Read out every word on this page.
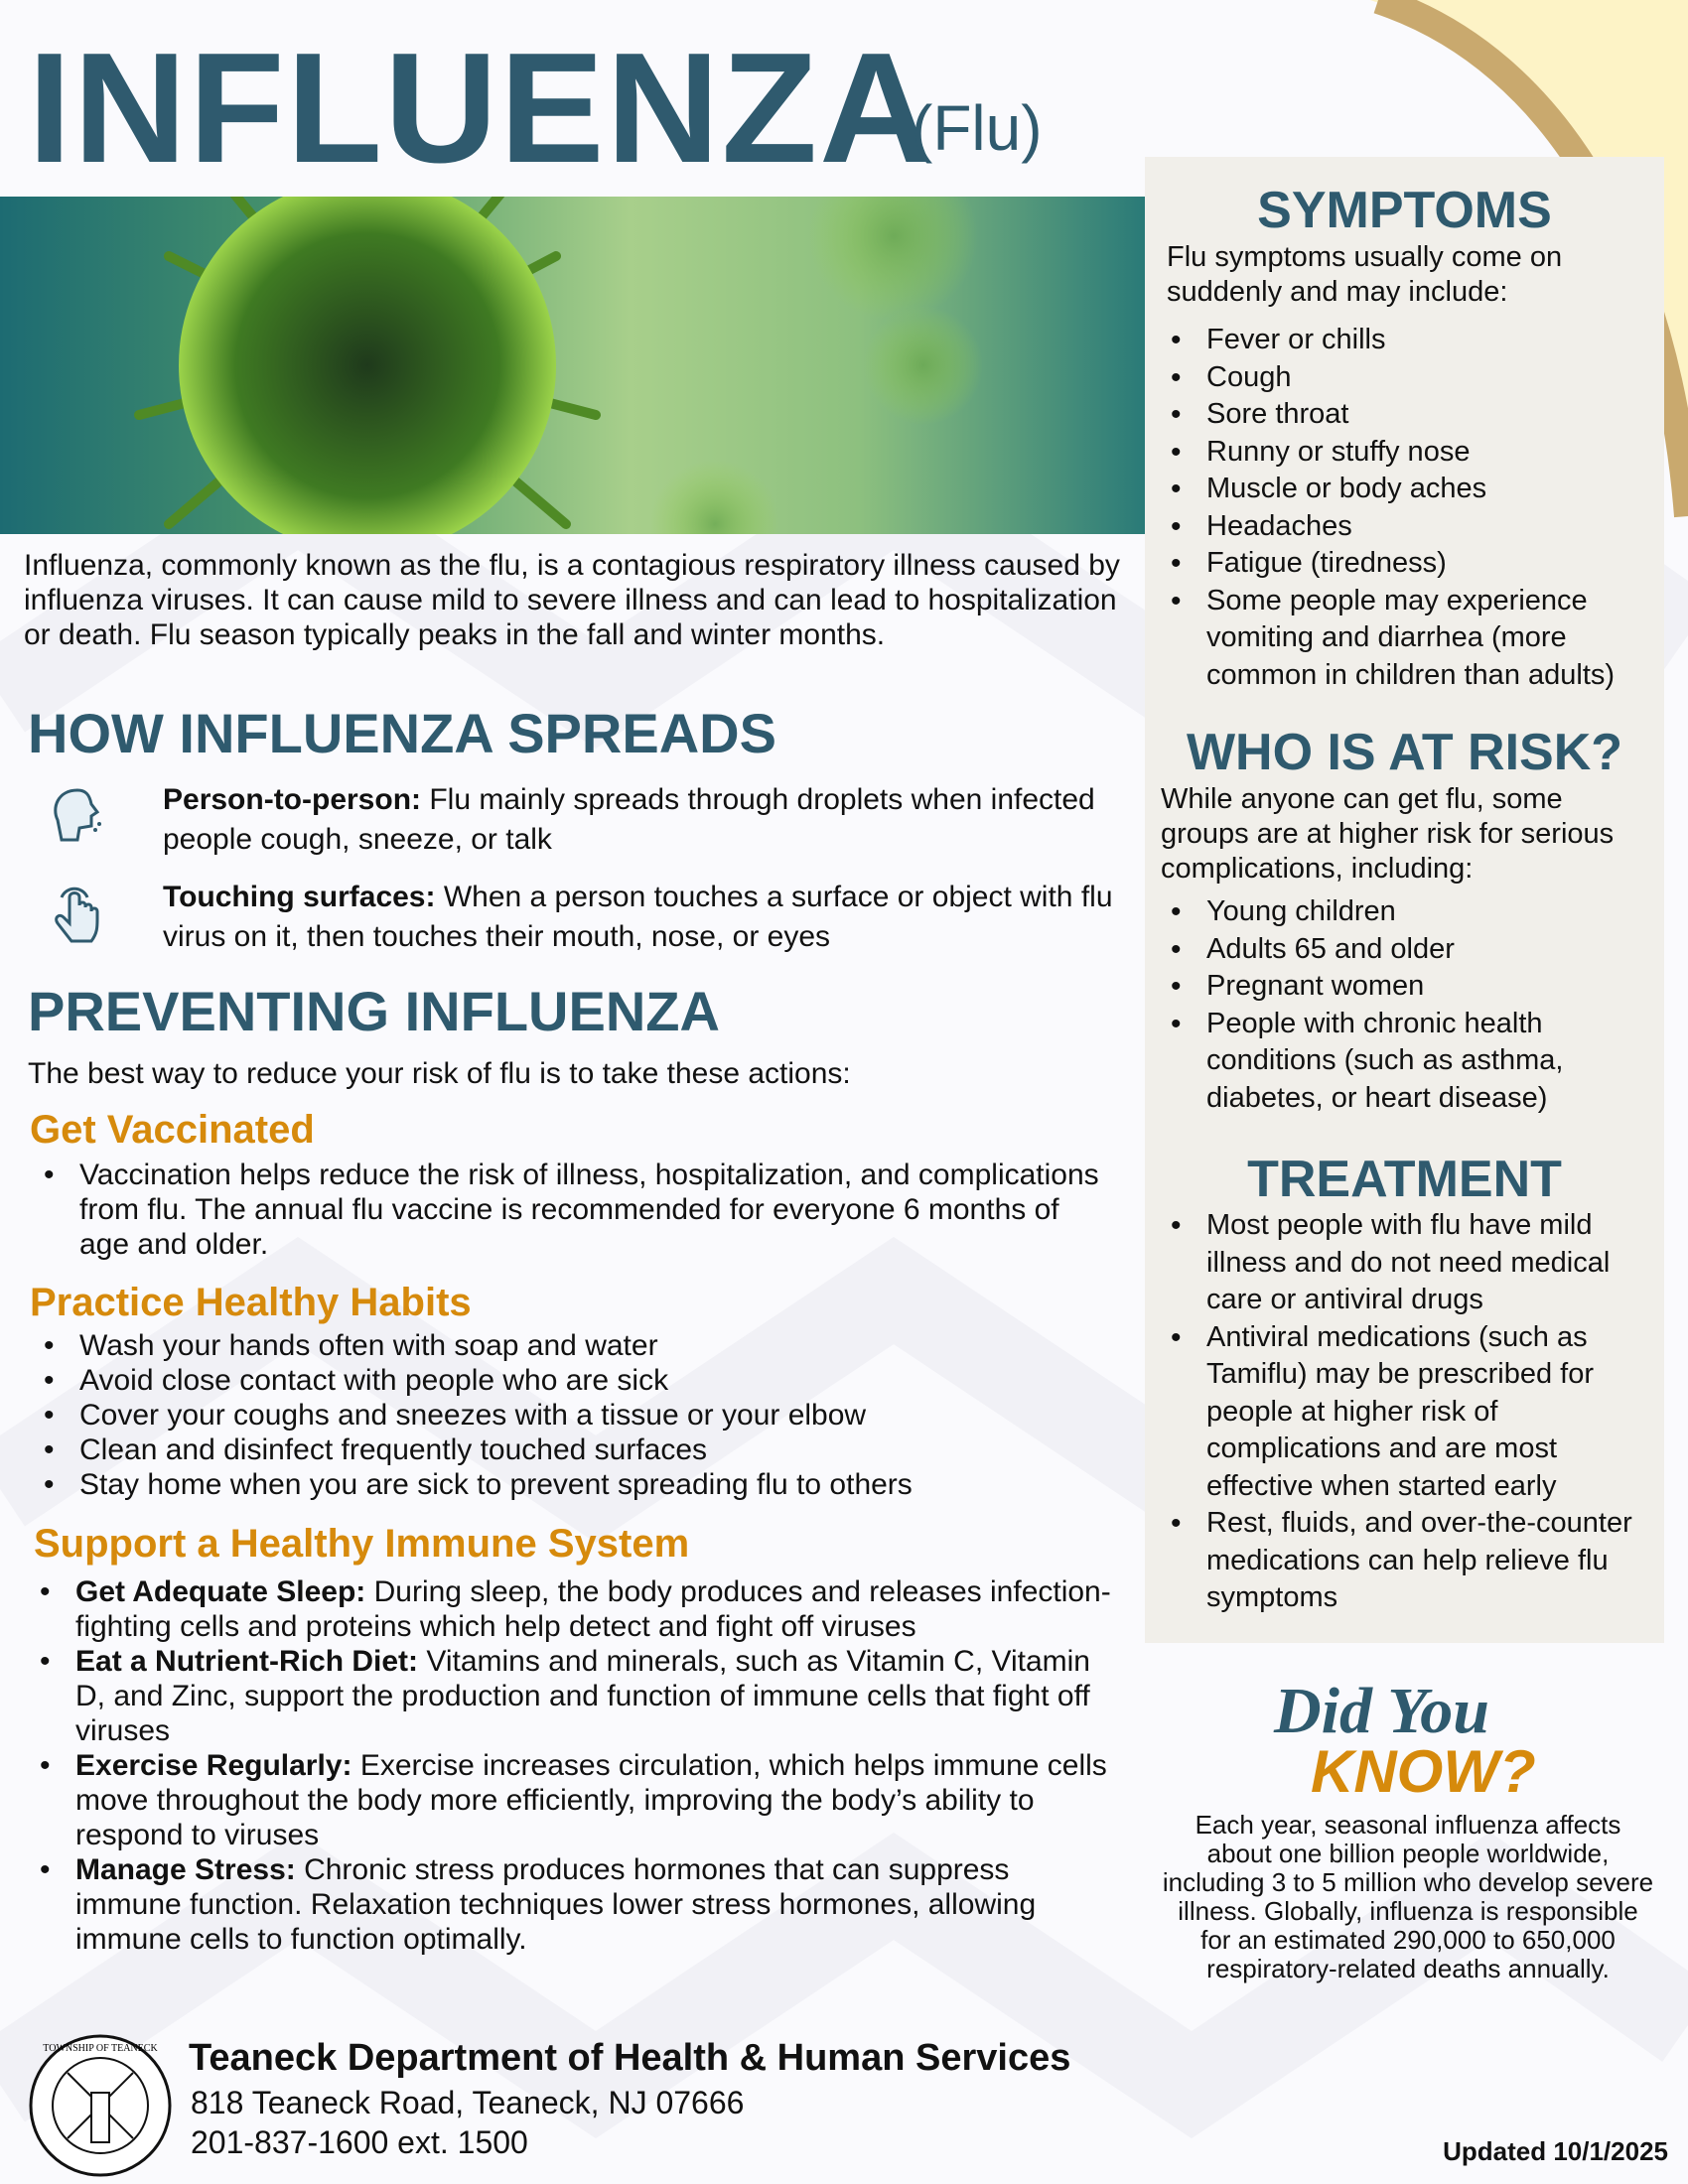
INFLUENZA
(Flu)
Influenza, commonly known as the flu, is a contagious respiratory illness caused by influenza viruses. It can cause mild to severe illness and can lead to hospitalization or death. Flu season typically peaks in the fall and winter months.
HOW INFLUENZA SPREADS
Person-to-person: Flu mainly spreads through droplets when infected people cough, sneeze, or talk
Touching surfaces: When a person touches a surface or object with flu virus on it, then touches their mouth, nose, or eyes
PREVENTING INFLUENZA
The best way to reduce your risk of flu is to take these actions:
Get Vaccinated
• Vaccination helps reduce the risk of illness, hospitalization, and complications from flu. The annual flu vaccine is recommended for everyone 6 months of age and older.
Practice Healthy Habits
• Wash your hands often with soap and water
• Avoid close contact with people who are sick
• Cover your coughs and sneezes with a tissue or your elbow
• Clean and disinfect frequently touched surfaces
• Stay home when you are sick to prevent spreading flu to others
Support a Healthy Immune System
• Get Adequate Sleep: During sleep, the body produces and releases infection-fighting cells and proteins which help detect and fight off viruses
• Eat a Nutrient-Rich Diet: Vitamins and minerals, such as Vitamin C, Vitamin D, and Zinc, support the production and function of immune cells that fight off viruses
• Exercise Regularly: Exercise increases circulation, which helps immune cells move throughout the body more efficiently, improving the body’s ability to respond to viruses
• Manage Stress: Chronic stress produces hormones that can suppress immune function. Relaxation techniques lower stress hormones, allowing immune cells to function optimally.
SYMPTOMS
Flu symptoms usually come on suddenly and may include:
• Fever or chills
• Cough
• Sore throat
• Runny or stuffy nose
• Muscle or body aches
• Headaches
• Fatigue (tiredness)
• Some people may experience vomiting and diarrhea (more common in children than adults)
WHO IS AT RISK?
While anyone can get flu, some groups are at higher risk for serious complications, including:
• Young children
• Adults 65 and older
• Pregnant women
• People with chronic health conditions (such as asthma, diabetes, or heart disease)
TREATMENT
• Most people with flu have mild illness and do not need medical care or antiviral drugs
• Antiviral medications (such as Tamiflu) may be prescribed for people at higher risk of complications and are most effective when started early
• Rest, fluids, and over-the-counter medications can help relieve flu symptoms
Did You
KNOW?
Each year, seasonal influenza affects about one billion people worldwide, including 3 to 5 million who develop severe illness. Globally, influenza is responsible for an estimated 290,000 to 650,000 respiratory-related deaths annually.
TOWNSHIP OF TEANECK Teaneck Department of Health & Human Services
818 Teaneck Road, Teaneck, NJ 07666
201-837-1600 ext. 1500	Updated 10/1/2025
